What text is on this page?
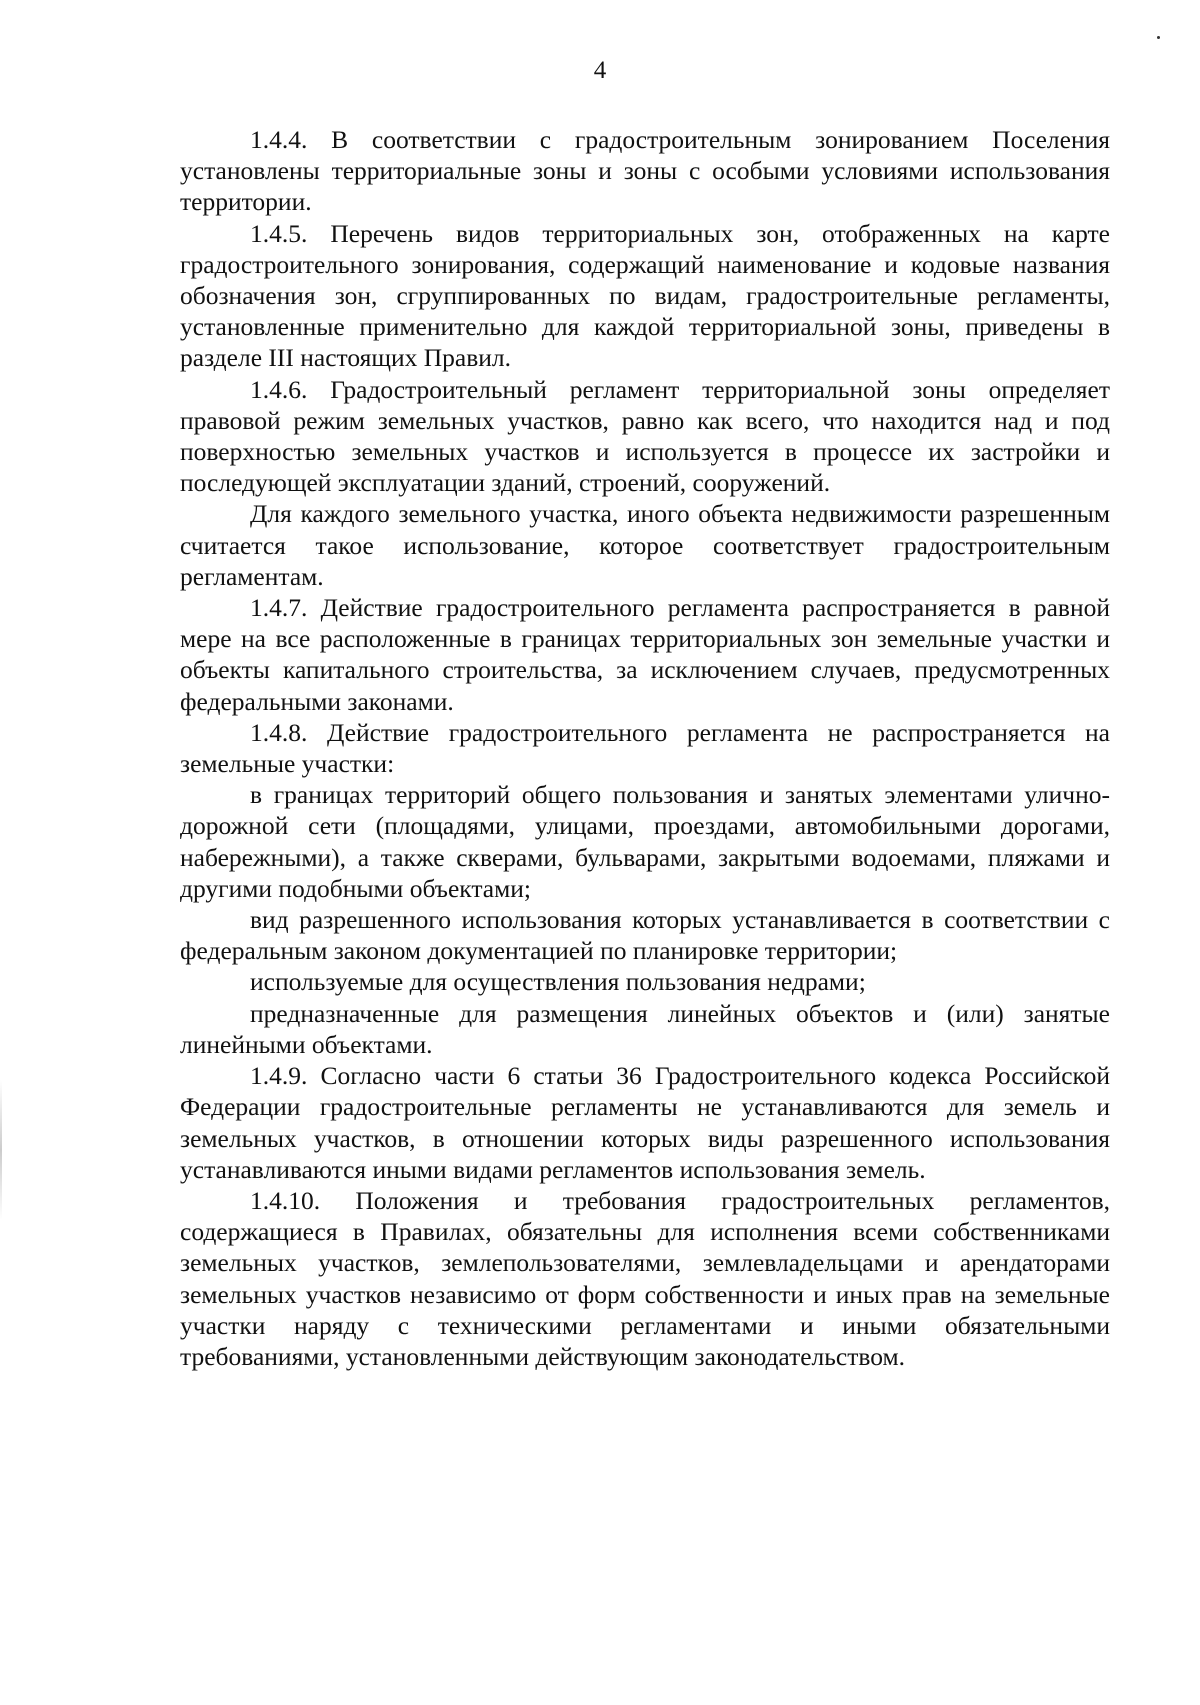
4

1.4.4. В соответствии с градостроительным зонированием Поселения установлены территориальные зоны и зоны с особыми условиями использования территории.

1.4.5. Перечень видов территориальных зон, отображенных на карте градостроительного зонирования, содержащий наименование и кодовые названия обозначения зон, сгруппированных по видам, градостроительные регламенты, установленные применительно для каждой территориальной зоны, приведены в разделе III настоящих Правил.

1.4.6. Градостроительный регламент территориальной зоны определяет правовой режим земельных участков, равно как всего, что находится над и под поверхностью земельных участков и используется в процессе их застройки и последующей эксплуатации зданий, строений, сооружений.

Для каждого земельного участка, иного объекта недвижимости разрешенным считается такое использование, которое соответствует градостроительным регламентам.

1.4.7. Действие градостроительного регламента распространяется в равной мере на все расположенные в границах территориальных зон земельные участки и объекты капитального строительства, за исключением случаев, предусмотренных федеральными законами.

1.4.8. Действие градостроительного регламента не распространяется на земельные участки:

в границах территорий общего пользования и занятых элементами улично-дорожной сети (площадями, улицами, проездами, автомобильными дорогами, набережными), а также скверами, бульварами, закрытыми водоемами, пляжами и другими подобными объектами;

вид разрешенного использования которых устанавливается в соответствии с федеральным законом документацией по планировке территории;

используемые для осуществления пользования недрами;

предназначенные для размещения линейных объектов и (или) занятые линейными объектами.

1.4.9. Согласно части 6 статьи 36 Градостроительного кодекса Российской Федерации градостроительные регламенты не устанавливаются для земель и земельных участков, в отношении которых виды разрешенного использования устанавливаются иными видами регламентов использования земель.

1.4.10. Положения и требования градостроительных регламентов, содержащиеся в Правилах, обязательны для исполнения всеми собственниками земельных участков, землепользователями, землевладельцами и арендаторами земельных участков независимо от форм собственности и иных прав на земельные участки наряду с техническими регламентами и иными обязательными требованиями, установленными действующим законодательством.
